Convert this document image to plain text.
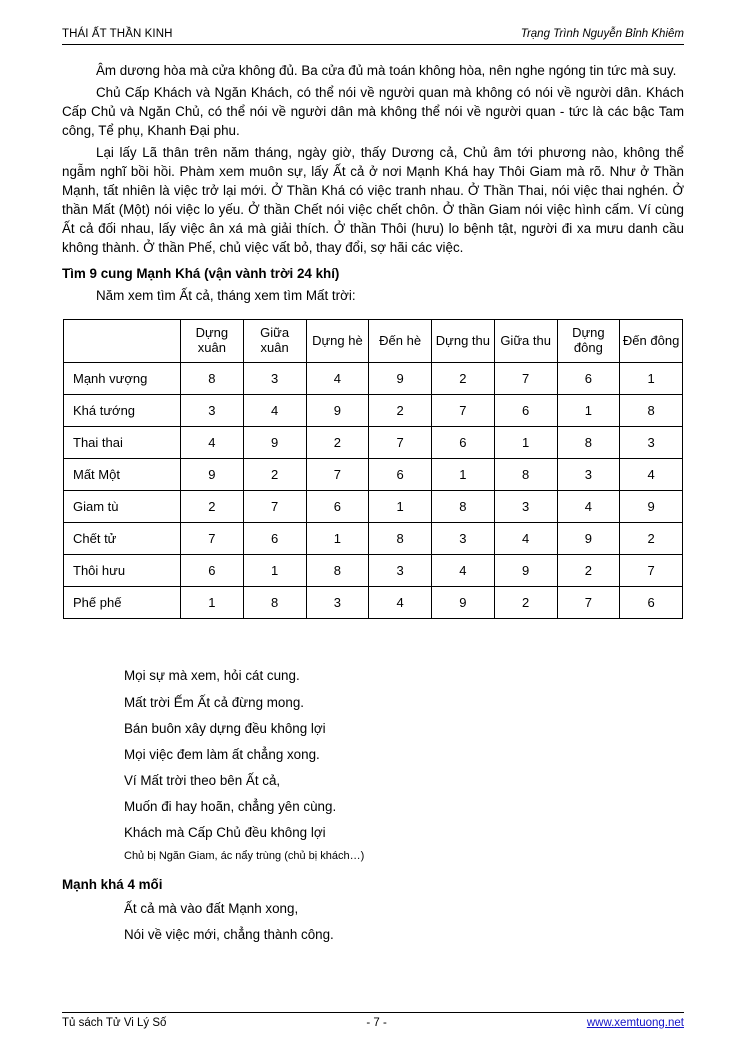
THÁI ẤT THẦN KINH	Trạng Trình Nguyễn Bỉnh Khiêm

Âm dương hòa mà cửa không đủ. Ba cửa đủ mà toán không hòa, nên nghe ngóng tin tức mà suy.

Chủ Cấp Khách và Ngăn Khách, có thể nói về người quan mà không có nói về người dân. Khách Cấp Chủ và Ngăn Chủ, có thể nói về người dân mà không thể nói về người quan - tức là các bậc Tam công, Tể phụ, Khanh Đại phu.

Lại lấy Lã thân trên năm tháng, ngày giờ, thấy Dương cả, Chủ âm tới phương nào, không thể ngẫm nghĩ bồi hồi. Phàm xem muôn sự, lấy Ất cả ở nơi Mạnh Khá hay Thôi Giam mà rõ. Như ở Thần Mạnh, tất nhiên là việc trở lại mới. Ở Thần Khá có việc tranh nhau. Ở Thần Thai, nói việc thai nghén. Ở thần Mất (Một) nói việc lo yếu. Ở thần Chết nói việc chết chôn. Ở thần Giam nói việc hình cấm. Ví cùng Ất cả đối nhau, lấy việc ân xá mà giải thích. Ở thần Thôi (hưu) lo bệnh tật, người đi xa mưu danh cầu không thành. Ở thần Phế, chủ việc vất bỏ, thay đổi, sợ hãi các việc.

Tìm 9 cung Mạnh Khá (vận vành trời 24 khí)
Năm xem tìm Ất cả, tháng xem tìm Mất trời:
	Dựng xuân	Giữa xuân	Dựng hè	Đến hè	Dựng thu	Giữa thu	Dựng đông	Đến đông
Mạnh vượng	8	3	4	9	2	7	6	1
Khá tướng	3	4	9	2	7	6	1	8
Thai thai	4	9	2	7	6	1	8	3
Mất Một	9	2	7	6	1	8	3	4
Giam tù	2	7	6	1	8	3	4	9
Chết tử	7	6	1	8	3	4	9	2
Thôi hưu	6	1	8	3	4	9	2	7
Phế phế	1	8	3	4	9	2	7	6
Mọi sự mà xem, hỏi cát cung.
Mất trời Ếm Ất cả đừng mong.
Bán buôn xây dựng đều không lợi
Mọi việc đem làm ất chẳng xong.
Ví Mất trời theo bên Ất cả,
Muốn đi hay hoãn, chẳng yên cùng.
Khách mà Cấp Chủ đều không lợi
Chủ bị Ngăn Giam, ác nẩy trùng (chủ bị khách…)
Mạnh khá 4 mối
Ất cả mà vào đất Mạnh xong,
Nói về việc mới, chẳng thành công.
Tủ sách Tử Vi Lý Số	- 7 -	www.xemtuong.net
